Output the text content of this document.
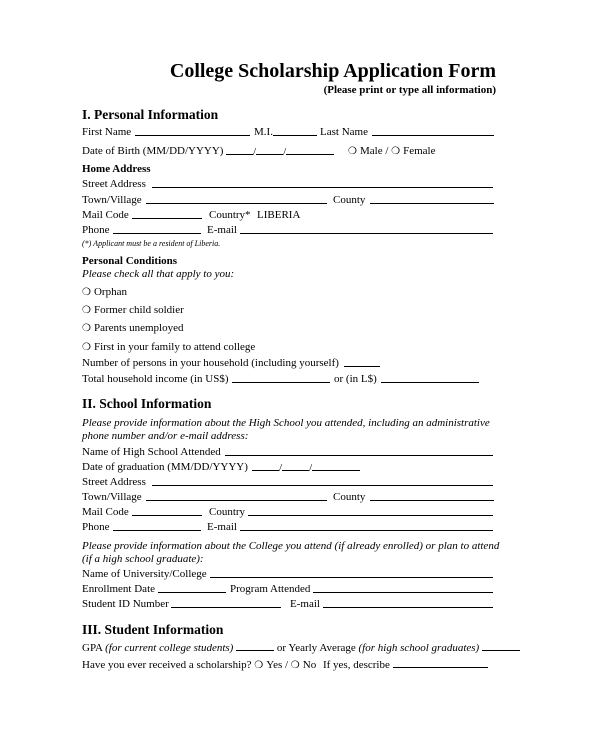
College Scholarship Application Form
(Please print or type all information)
I. Personal Information
First Name	M.I.	Last Name
Date of Birth (MM/DD/YYYY)	/ /	❍ Male / ❍ Female
Home Address
Street Address
Town/Village	County
Mail Code	Country* LIBERIA
Phone	E-mail
(*) Applicant must be a resident of Liberia.
Personal Conditions
Please check all that apply to you:
❍ Orphan
❍ Former child soldier
❍ Parents unemployed
❍ First in your family to attend college
Number of persons in your household (including yourself)
Total household income (in US$)	or (in L$)
II. School Information
Please provide information about the High School you attended, including an administrative
phone number and/or e-mail address:
Name of High School Attended
Date of graduation (MM/DD/YYYY)	/ /
Street Address
Town/Village	County
Mail Code	Country
Phone	E-mail
Please provide information about the College you attend (if already enrolled) or plan to attend
(if a high school graduate):
Name of University/College
Enrollment Date	Program Attended
Student ID Number	E-mail
III. Student Information
GPA (for current college students)	or Yearly Average (for high school graduates)
Have you ever received a scholarship? ❍ Yes / ❍ No If yes, describe
